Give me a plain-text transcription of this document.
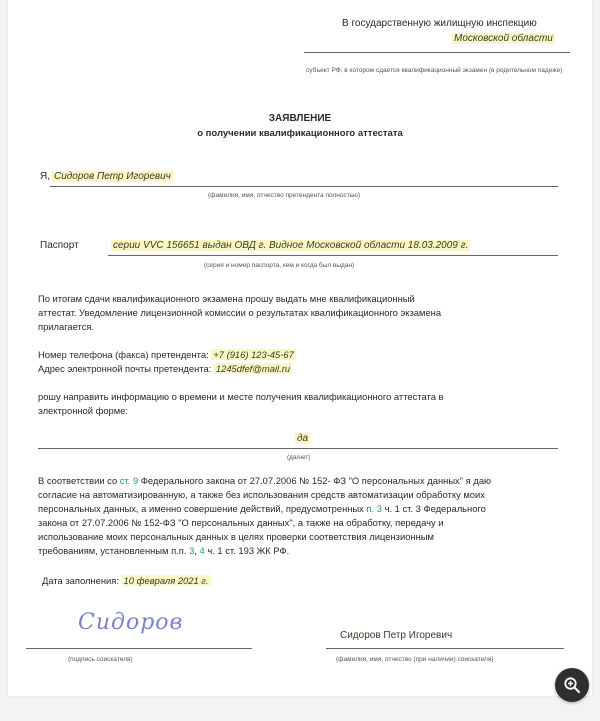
В государственную жилищную инспекцию
Московской области
субъект РФ, в котором сдается квалификационный экзамен (в родительном падеже)
ЗАЯВЛЕНИЕ
о получении квалификационного аттестата
Я, Сидоров Петр Игоревич
(фамилия, имя, отчество претендента полностью)
Паспорт	серии VVC 156651 выдан ОВД г. Видное Московской области 18.03.2009 г.
(серия и номер паспорта, кем и когда был выдан)
По итогам сдачи квалификационного экзамена прошу выдать мне квалификационный
аттестат. Уведомление лицензионной комиссии о результатах квалификационного экзамена
прилагается.
Номер телефона (факса) претендента: +7 (916) 123-45-67
Адрес электронной почты претендента: 1245dfef@mail.ru
рошу направить информацию о времени и месте получения квалификационного аттестата в
электронной форме:
да
(да/нет)
В соответствии со ст. 9 Федерального закона от 27.07.2006 № 152- ФЗ "О персональных данных" я даю
согласие на автоматизированную, а также без использования средств автоматизации обработку моих
персональных данных, а именно совершение действий, предусмотренных п. 3 ч. 1 ст. 3 Федерального
закона от 27.07.2006 № 152-ФЗ "О персональных данных", а также на обработку, передачу и
использование моих персональных данных в целях проверки соответствия лицензионным
требованиям, установленным п.п. 3, 4 ч. 1 ст. 193 ЖК РФ.
Дата заполнения: 10 февраля 2021 г.
Сидоров
(подпись соискателя)
Сидоров Петр Игоревич
(фамилия, имя, отчество (при наличии) соискателя)
